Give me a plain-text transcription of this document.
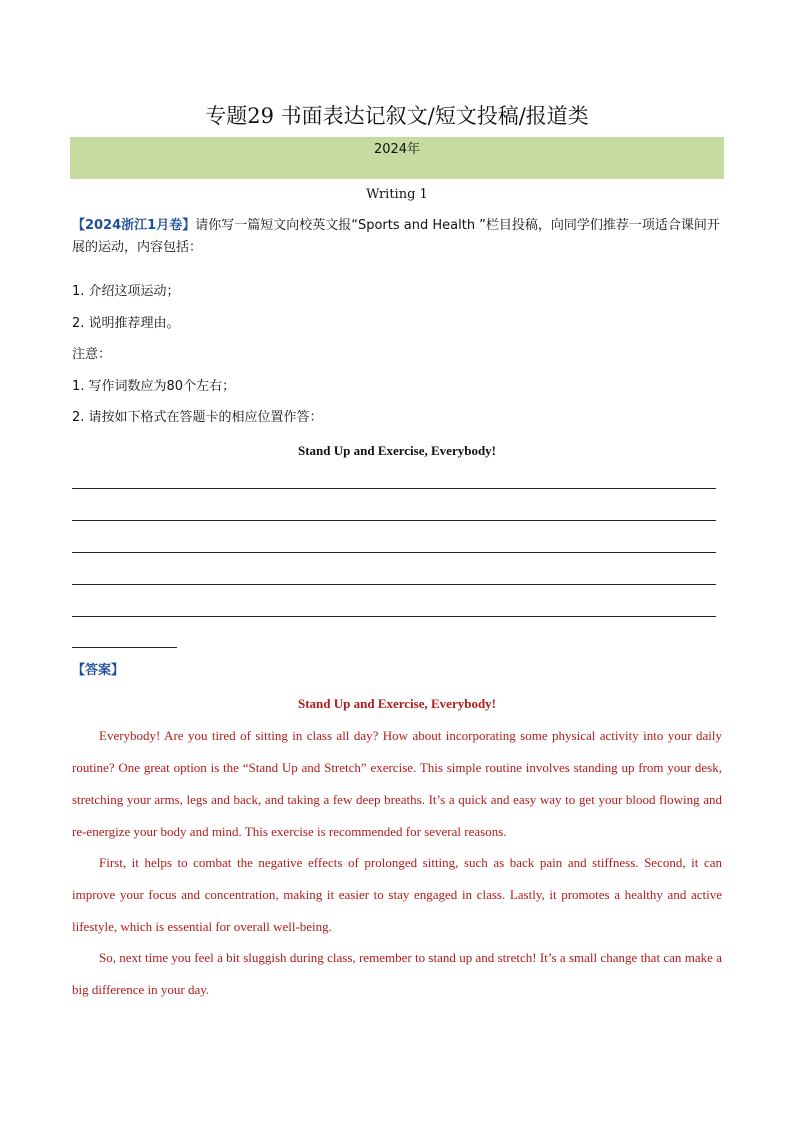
专题29 书面表达记叙文/短文投稿/报道类
2024年
Writing 1
【2024浙江1月卷】请你写一篇短文向校英文报“Sports and Health ”栏目投稿，向同学们推荐一项适合课间开展的运动，内容包括：
1. 介绍这项运动；
2. 说明推荐理由。
注意：
1. 写作词数应为80个左右；
2. 请按如下格式在答题卡的相应位置作答：
Stand Up and Exercise, Everybody!
【答案】
Stand Up and Exercise, Everybody!
Everybody! Are you tired of sitting in class all day? How about incorporating some physical activity into your daily routine? One great option is the “Stand Up and Stretch” exercise. This simple routine involves standing up from your desk, stretching your arms, legs and back, and taking a few deep breaths. It’s a quick and easy way to get your blood flowing and re-energize your body and mind. This exercise is recommended for several reasons.
First, it helps to combat the negative effects of prolonged sitting, such as back pain and stiffness. Second, it can improve your focus and concentration, making it easier to stay engaged in class. Lastly, it promotes a healthy and active lifestyle, which is essential for overall well-being.
So, next time you feel a bit sluggish during class, remember to stand up and stretch! It’s a small change that can make a big difference in your day.
